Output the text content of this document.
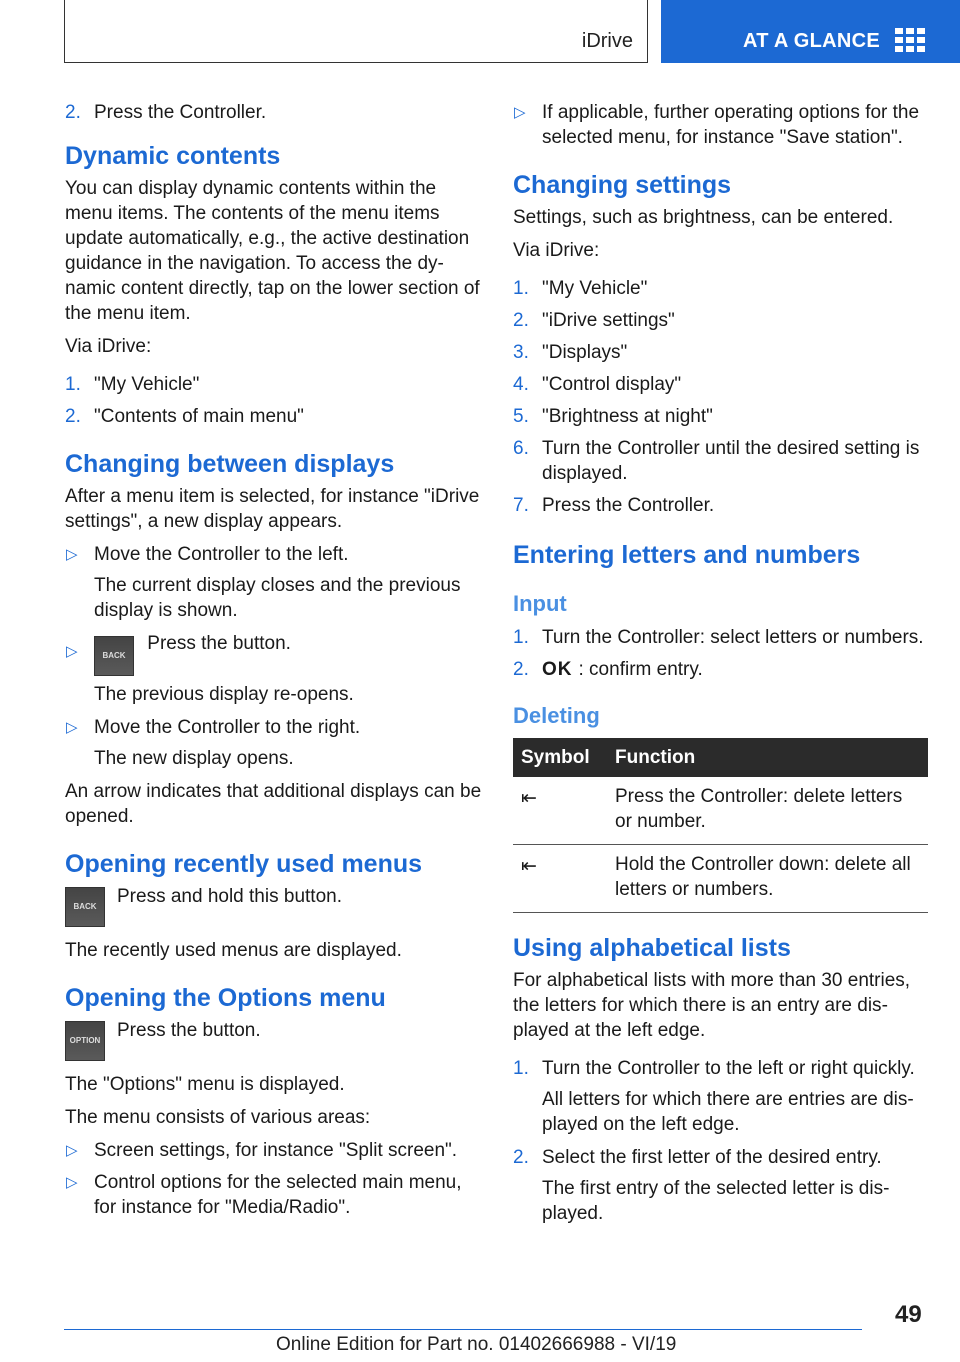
iDrive	AT A GLANCE
2. Press the Controller.
Dynamic contents

You can display dynamic contents within the menu items. The contents of the menu items update automatically, e.g., the active destination guidance in the navigation. To access the dynamic content directly, tap on the lower section of the menu item.

Via iDrive:

1. "My Vehicle"
2. "Contents of main menu"
Changing between displays

After a menu item is selected, for instance "iDrive settings", a new display appears.

▷ Move the Controller to the left.
The current display closes and the previous display is shown.
▷	BACK Press the button.
The previous display re-opens.
▷ Move the Controller to the right.
The new display opens.

An arrow indicates that additional displays can be opened.

Opening recently used menus
BACK	Press and hold this button.

The recently used menus are displayed.

Opening the Options menu
OPTION Press the button.

The "Options" menu is displayed.

The menu consists of various areas:

▷ Screen settings, for instance "Split screen".
▷ Control options for the selected main menu, for instance for "Media/Radio".
▷ If applicable, further operating options for the selected menu, for instance "Save station".
Changing settings

Settings, such as brightness, can be entered.

Via iDrive:

1. "My Vehicle"
2. "iDrive settings"
3. "Displays"
4. "Control display"
5. "Brightness at night"
6. Turn the Controller until the desired setting is displayed.
7. Press the Controller.
Entering letters and numbers
Input
1. Turn the Controller: select letters or numbers.
2. OK : confirm entry.
Deleting
Symbol	Function
⇤	Press the Controller: delete letters or number.
⇤	Hold the Controller down: delete all letters or numbers.
Using alphabetical lists

For alphabetical lists with more than 30 entries, the letters for which there is an entry are displayed at the left edge.

1. Turn the Controller to the left or right quickly.
All letters for which there are entries are displayed on the left edge.
2. Select the first letter of the desired entry.
The first entry of the selected letter is displayed.
49
Online Edition for Part no. 01402666988 - VI/19
